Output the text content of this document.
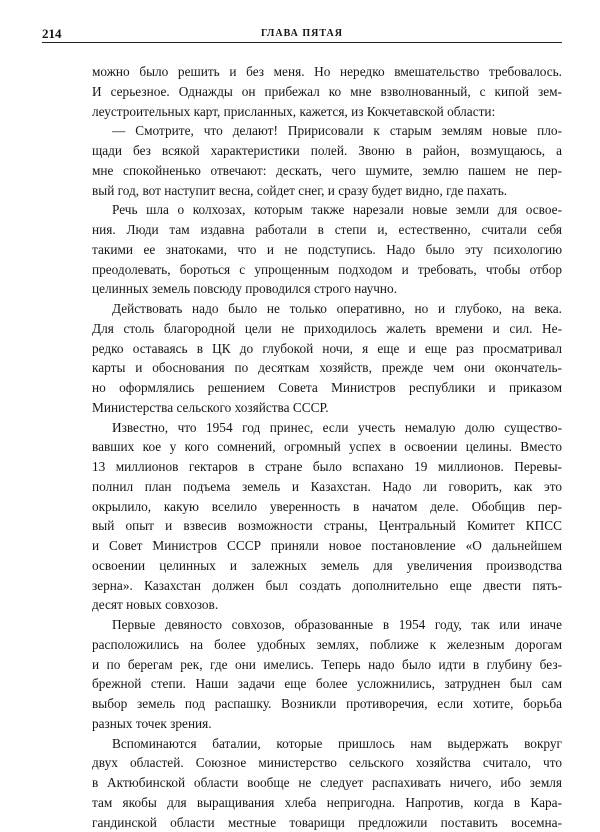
214	ГЛАВА ПЯТАЯ
можно было решить и без меня. Но нередко вмешательство требовалось.
И серьезное. Однажды он прибежал ко мне взволнованный, с кипой зем-
леустроительных карт, присланных, кажется, из Кокчетавской области:
— Смотрите, что делают! Пририсовали к старым землям новые пло-
щади без всякой характеристики полей. Звоню в район, возмущаюсь, а
мне спокойненько отвечают: дескать, чего шумите, землю пашем не пер-
вый год, вот наступит весна, сойдет снег, и сразу будет видно, где пахать.
Речь шла о колхозах, которым также нарезали новые земли для освое-
ния. Люди там издавна работали в степи и, естественно, считали себя
такими ее знатоками, что и не подступись. Надо было эту психологию
преодолевать, бороться с упрощенным подходом и требовать, чтобы отбор
целинных земель повсюду проводился строго научно.
Действовать надо было не только оперативно, но и глубоко, на века.
Для столь благородной цели не приходилось жалеть времени и сил. Не-
редко оставаясь в ЦК до глубокой ночи, я еще и еще раз просматривал
карты и обоснования по десяткам хозяйств, прежде чем они окончатель-
но оформлялись решением Совета Министров республики и приказом
Министерства сельского хозяйства СССР.
Известно, что 1954 год принес, если учесть немалую долю существо-
вавших кое у кого сомнений, огромный успех в освоении целины. Вместо
13 миллионов гектаров в стране было вспахано 19 миллионов. Перевы-
полнил план подъема земель и Казахстан. Надо ли говорить, как это
окрылило, какую вселило уверенность в начатом деле. Обобщив пер-
вый опыт и взвесив возможности страны, Центральный Комитет КПСС
и Совет Министров СССР приняли новое постановление «О дальнейшем
освоении целинных и залежных земель для увеличения производства
зерна». Казахстан должен был создать дополнительно еще двести пять-
десят новых совхозов.
Первые девяносто совхозов, образованные в 1954 году, так или иначе
расположились на более удобных землях, поближе к железным дорогам
и по берегам рек, где они имелись. Теперь надо было идти в глубину без-
брежной степи. Наши задачи еще более усложнились, затруднен был сам
выбор земель под распашку. Возникли противоречия, если хотите, борьба
разных точек зрения.
Вспоминаются баталии, которые пришлось нам выдержать вокруг
двух областей. Союзное министерство сельского хозяйства считало, что
в Актюбинской области вообще не следует распахивать ничего, ибо земля
там якобы для выращивания хлеба непригодна. Напротив, когда в Кара-
гандинской области местные товарищи предложили поставить восемна-
